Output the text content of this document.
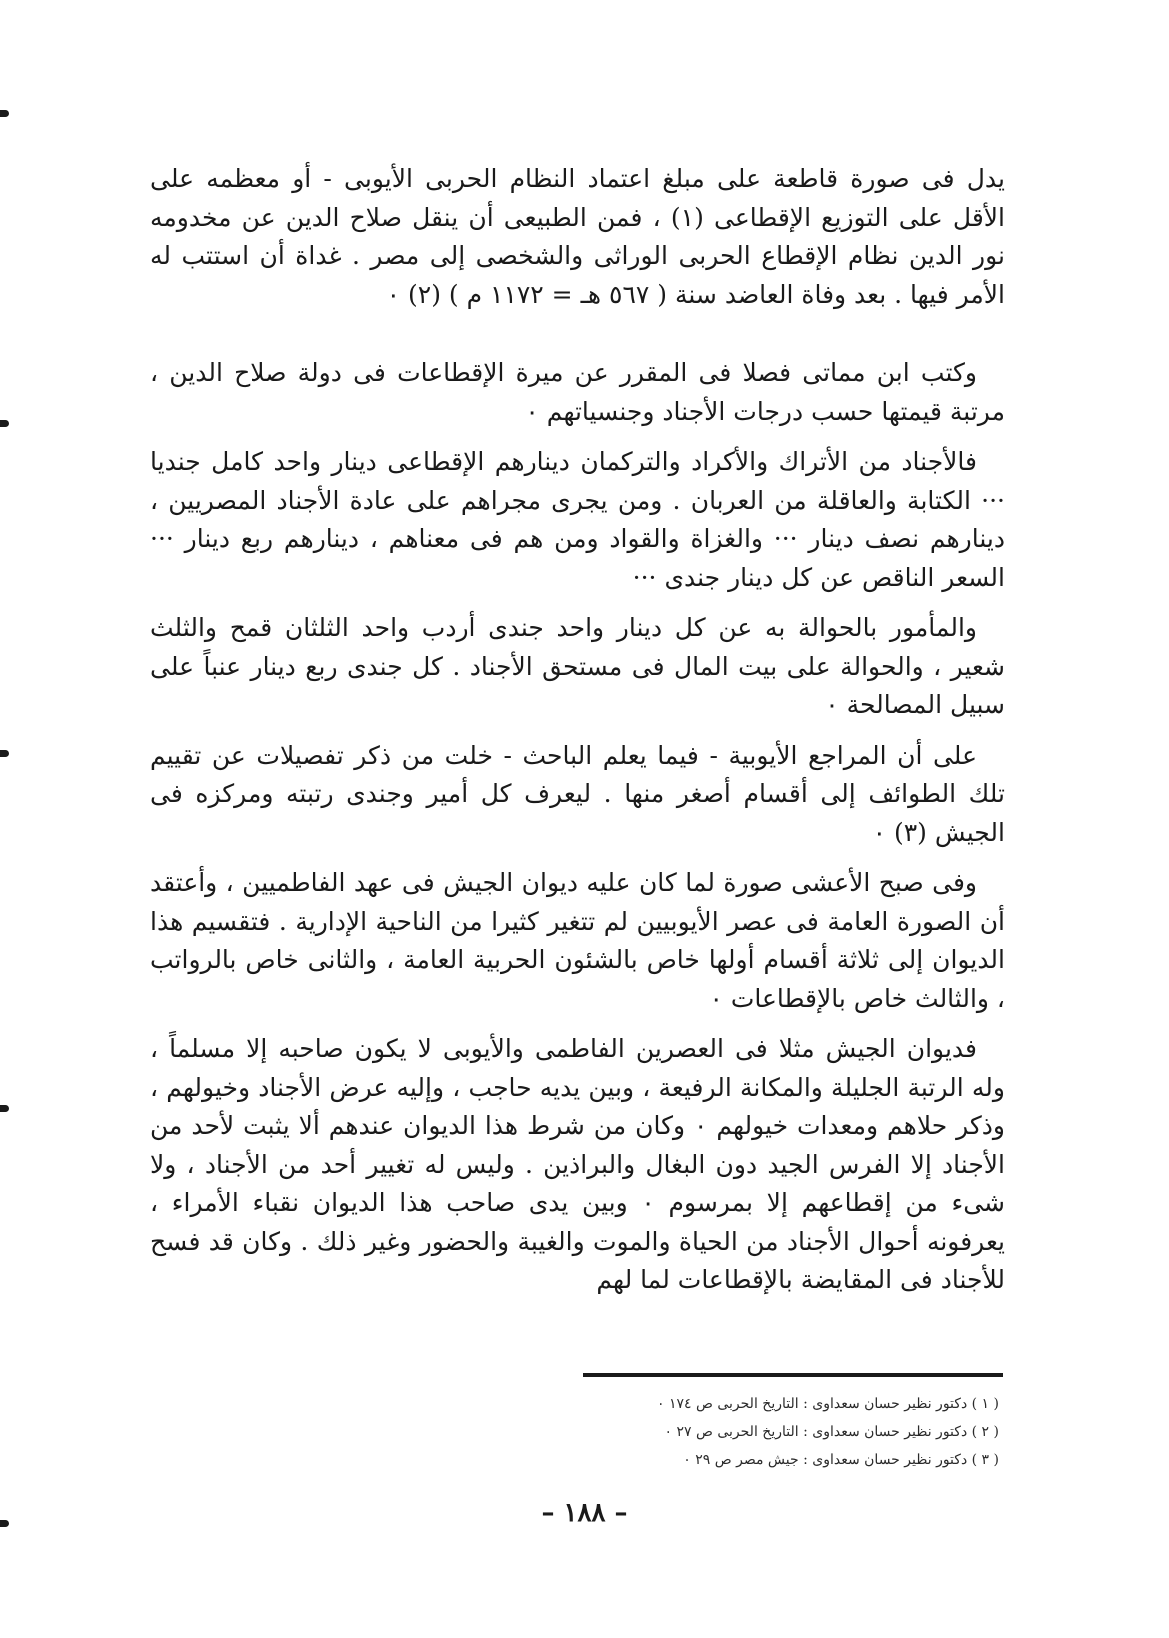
يدل فى صورة قاطعة على مبلغ اعتماد النظام الحربى الأيوبى - أو معظمه على الأقل على التوزيع الإقطاعى (١) ، فمن الطبيعى أن ينقل صلاح الدين عن مخدومه نور الدين نظام الإقطاع الحربى الوراثى والشخصى إلى مصر . غداة أن استتب له الأمر فيها . بعد وفاة العاضد سنة ( ٥٦٧ هـ = ١١٧٢ م ) (٢) ٠

وكتب ابن مماتى فصلا فى المقرر عن ميرة الإقطاعات فى دولة صلاح الدين ، مرتبة قيمتها حسب درجات الأجناد وجنسياتهم ٠

فالأجناد من الأتراك والأكراد والتركمان دينارهم الإقطاعى دينار واحد كامل جنديا ··· الكتابة والعاقلة من العربان . ومن يجرى مجراهم على عادة الأجناد المصريين ، دينارهم نصف دينار ··· والغزاة والقواد ومن هم فى معناهم ، دينارهم ربع دينار ··· السعر الناقص عن كل دينار جندى ···

والمأمور بالحوالة به عن كل دينار واحد جندى أردب واحد الثلثان قمح والثلث شعير ، والحوالة على بيت المال فى مستحق الأجناد . كل جندى ربع دينار عنباً على سبيل المصالحة ٠

على أن المراجع الأيوبية - فيما يعلم الباحث - خلت من ذكر تفصيلات عن تقييم تلك الطوائف إلى أقسام أصغر منها . ليعرف كل أمير وجندى رتبته ومركزه فى الجيش (٣) ٠

وفى صبح الأعشى صورة لما كان عليه ديوان الجيش فى عهد الفاطميين ، وأعتقد أن الصورة العامة فى عصر الأيوبيين لم تتغير كثيرا من الناحية الإدارية . فتقسيم هذا الديوان إلى ثلاثة أقسام أولها خاص بالشئون الحربية العامة ، والثانى خاص بالرواتب ، والثالث خاص بالإقطاعات ٠

فديوان الجيش مثلا فى العصرين الفاطمى والأيوبى لا يكون صاحبه إلا مسلماً ، وله الرتبة الجليلة والمكانة الرفيعة ، وبين يديه حاجب ، وإليه عرض الأجناد وخيولهم ، وذكر حلاهم ومعدات خيولهم ٠ وكان من شرط هذا الديوان عندهم ألا يثبت لأحد من الأجناد إلا الفرس الجيد دون البغال والبراذين . وليس له تغيير أحد من الأجناد ، ولا شىء من إقطاعهم إلا بمرسوم ٠ وبين يدى صاحب هذا الديوان نقباء الأمراء ، يعرفونه أحوال الأجناد من الحياة والموت والغيبة والحضور وغير ذلك . وكان قد فسح للأجناد فى المقايضة بالإقطاعات لما لهم

( ١ ) دكتور نظير حسان سعداوى : التاريخ الحربى ص ١٧٤ ٠

( ٢ ) دكتور نظير حسان سعداوى : التاريخ الحربى ص ٢٧ ٠

( ٣ ) دكتور نظير حسان سعداوى : جيش مصر ص ٢٩ ٠

– ١٨٨ –
